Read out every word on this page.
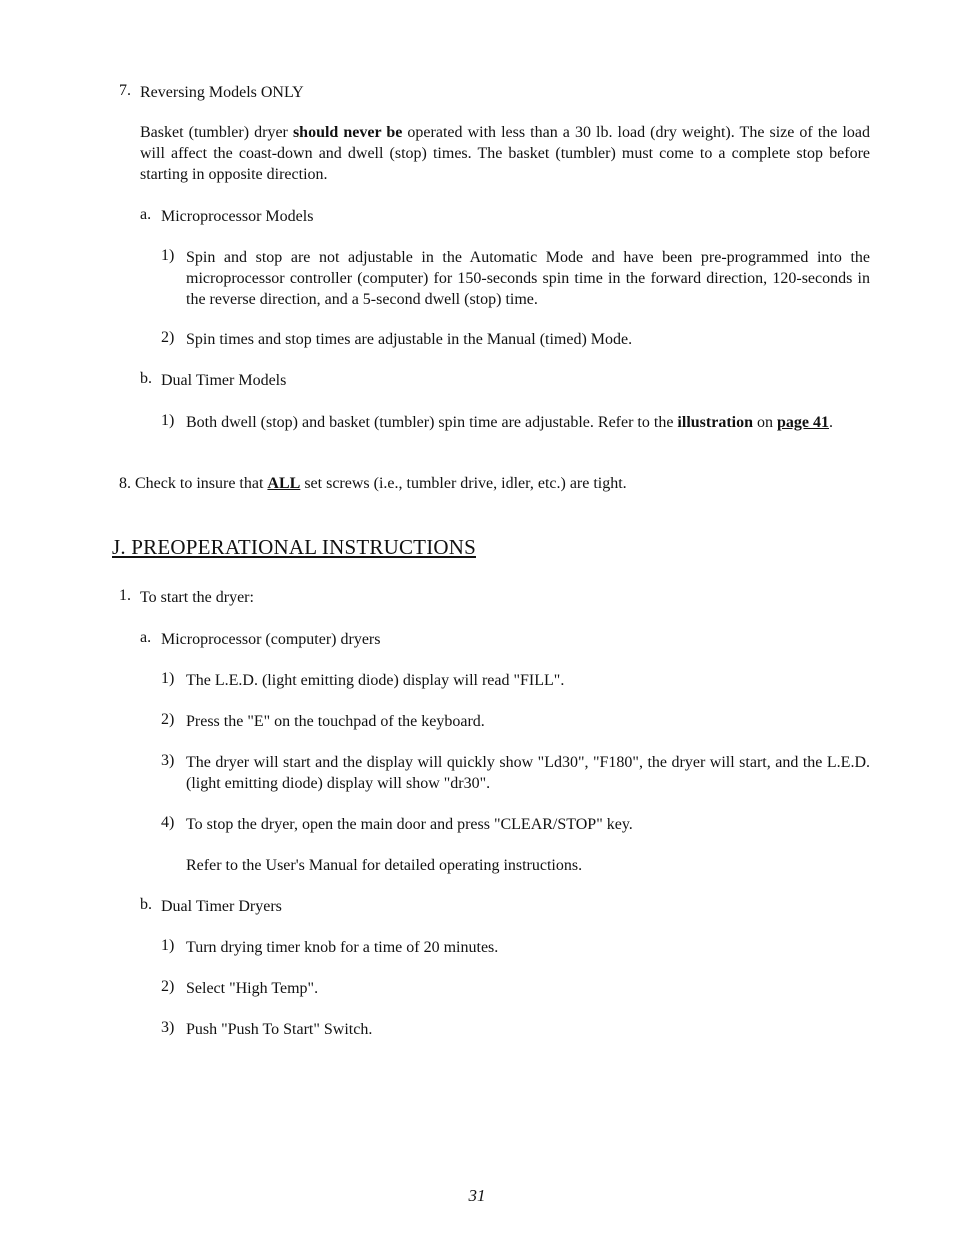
7. Reversing Models ONLY
Basket (tumbler) dryer should never be operated with less than a 30 lb. load (dry weight). The size of the load will affect the coast-down and dwell (stop) times. The basket (tumbler) must come to a complete stop before starting in opposite direction.
a. Microprocessor Models
1) Spin and stop are not adjustable in the Automatic Mode and have been pre-programmed into the microprocessor controller (computer) for 150-seconds spin time in the forward direction, 120-seconds in the reverse direction, and a 5-second dwell (stop) time.
2) Spin times and stop times are adjustable in the Manual (timed) Mode.
b. Dual Timer Models
1) Both dwell (stop) and basket (tumbler) spin time are adjustable. Refer to the illustration on page 41.
8. Check to insure that ALL set screws (i.e., tumbler drive, idler, etc.) are tight.
J. PREOPERATIONAL INSTRUCTIONS
1. To start the dryer:
a. Microprocessor (computer) dryers
1) The L.E.D. (light emitting diode) display will read "FILL".
2) Press the "E" on the touchpad of the keyboard.
3) The dryer will start and the display will quickly show "Ld30", "F180", the dryer will start, and the L.E.D. (light emitting diode) display will show "dr30".
4) To stop the dryer, open the main door and press "CLEAR/STOP" key.
Refer to the User's Manual for detailed operating instructions.
b. Dual Timer Dryers
1) Turn drying timer knob for a time of 20 minutes.
2) Select "High Temp".
3) Push "Push To Start" Switch.
31
